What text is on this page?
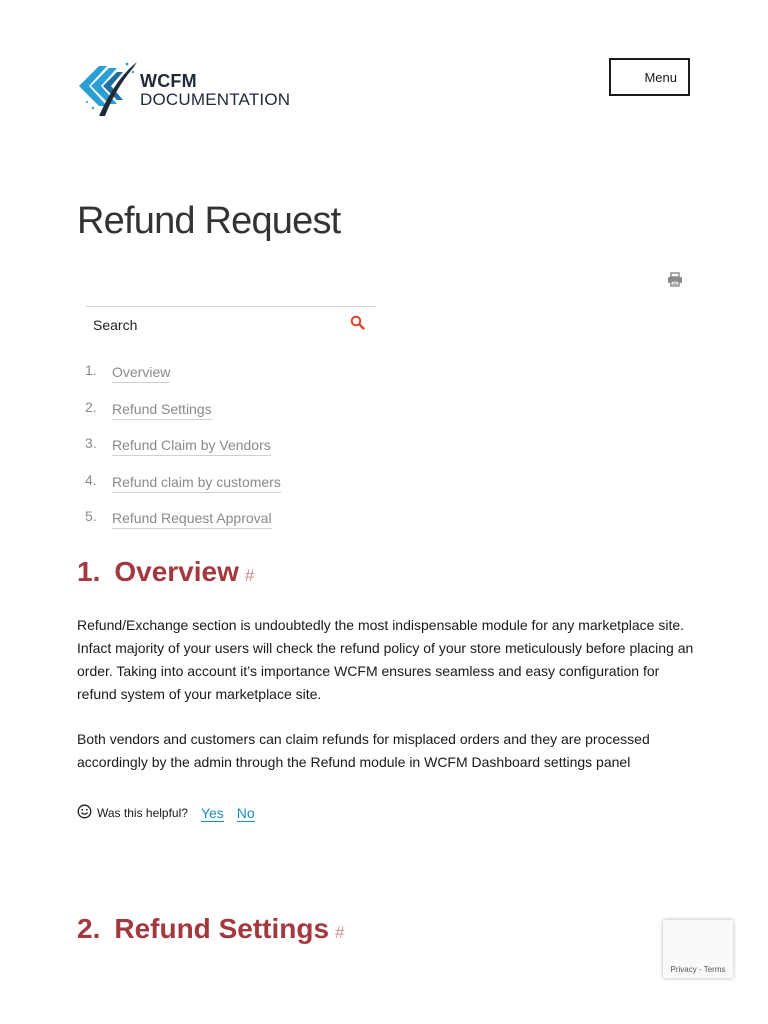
WCFM
DOCUMENTATION
Menu
Refund Request
Search
1.	Overview
2.	Refund Settings
3.	Refund Claim by Vendors
4.	Refund claim by customers
5.	Refund Request Approval
1. Overview #

Refund/Exchange section is undoubtedly the most indispensable module for any marketplace site. Infact majority of your users will check the refund policy of your store meticulously before placing an order. Taking into account it’s importance WCFM ensures seamless and easy configuration for refund system of your marketplace site.

Both vendors and customers can claim refunds for misplaced orders and they are processed accordingly by the admin through the Refund module in WCFM Dashboard settings panel

Was this helpful? Yes No
2. Refund Settings #
Privacy - Terms
